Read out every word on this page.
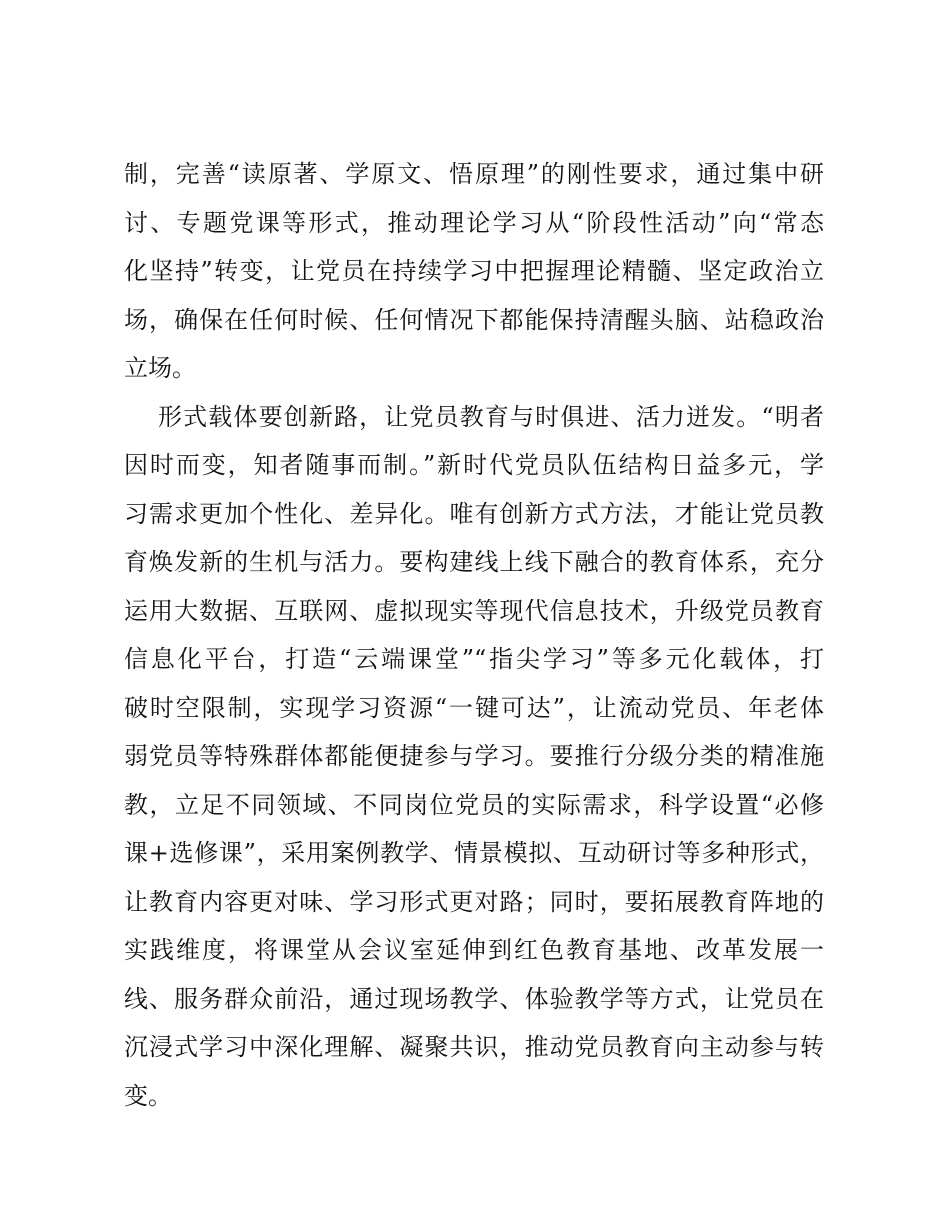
制，完善“读原著、学原文、悟原理”的刚性要求，通过集中研
讨、专题党课等形式，推动理论学习从“阶段性活动”向“常态
化坚持”转变，让党员在持续学习中把握理论精髓、坚定政治立
场，确保在任何时候、任何情况下都能保持清醒头脑、站稳政治
立场。
形式载体要创新路，让党员教育与时俱进、活力迸发。“明者
因时而变，知者随事而制。”新时代党员队伍结构日益多元，学
习需求更加个性化、差异化。唯有创新方式方法，才能让党员教
育焕发新的生机与活力。要构建线上线下融合的教育体系，充分
运用大数据、互联网、虚拟现实等现代信息技术，升级党员教育
信息化平台，打造“云端课堂”“指尖学习”等多元化载体，打
破时空限制，实现学习资源“一键可达”，让流动党员、年老体
弱党员等特殊群体都能便捷参与学习。要推行分级分类的精准施
教，立足不同领域、不同岗位党员的实际需求，科学设置“必修
课+选修课”，采用案例教学、情景模拟、互动研讨等多种形式，
让教育内容更对味、学习形式更对路；同时，要拓展教育阵地的
实践维度，将课堂从会议室延伸到红色教育基地、改革发展一
线、服务群众前沿，通过现场教学、体验教学等方式，让党员在
沉浸式学习中深化理解、凝聚共识，推动党员教育向主动参与转
变。
